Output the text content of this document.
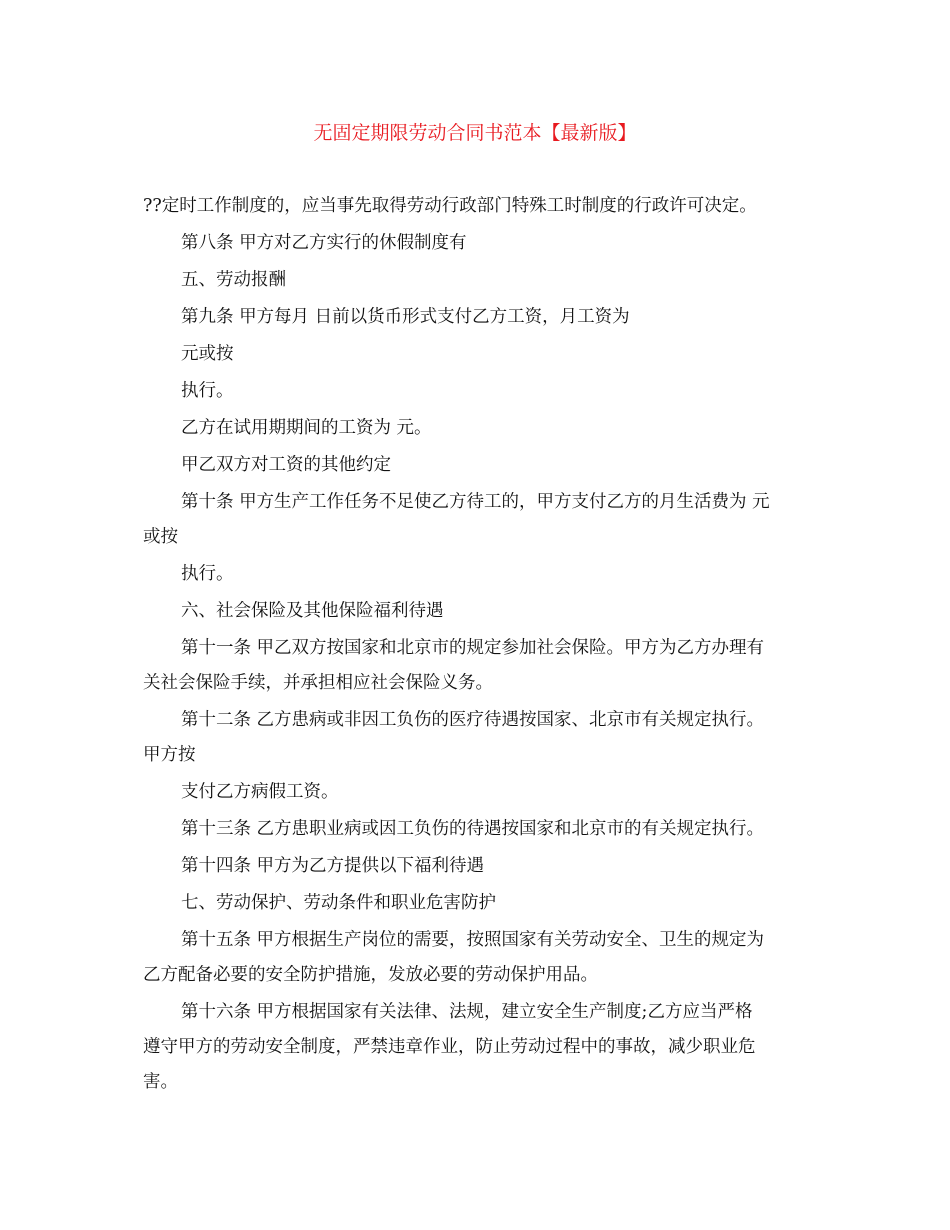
无固定期限劳动合同书范本【最新版】
??定时工作制度的，应当事先取得劳动行政部门特殊工时制度的行政许可决定。
第八条 甲方对乙方实行的休假制度有
五、劳动报酬
第九条 甲方每月 日前以货币形式支付乙方工资，月工资为
元或按
执行。
乙方在试用期期间的工资为 元。
甲乙双方对工资的其他约定
第十条 甲方生产工作任务不足使乙方待工的，甲方支付乙方的月生活费为 元
或按
执行。
六、社会保险及其他保险福利待遇
第十一条 甲乙双方按国家和北京市的规定参加社会保险。甲方为乙方办理有
关社会保险手续，并承担相应社会保险义务。
第十二条 乙方患病或非因工负伤的医疗待遇按国家、北京市有关规定执行。
甲方按
支付乙方病假工资。
第十三条 乙方患职业病或因工负伤的待遇按国家和北京市的有关规定执行。
第十四条 甲方为乙方提供以下福利待遇
七、劳动保护、劳动条件和职业危害防护
第十五条 甲方根据生产岗位的需要，按照国家有关劳动安全、卫生的规定为
乙方配备必要的安全防护措施，发放必要的劳动保护用品。
第十六条 甲方根据国家有关法律、法规，建立安全生产制度;乙方应当严格
遵守甲方的劳动安全制度，严禁违章作业，防止劳动过程中的事故，减少职业危
害。
